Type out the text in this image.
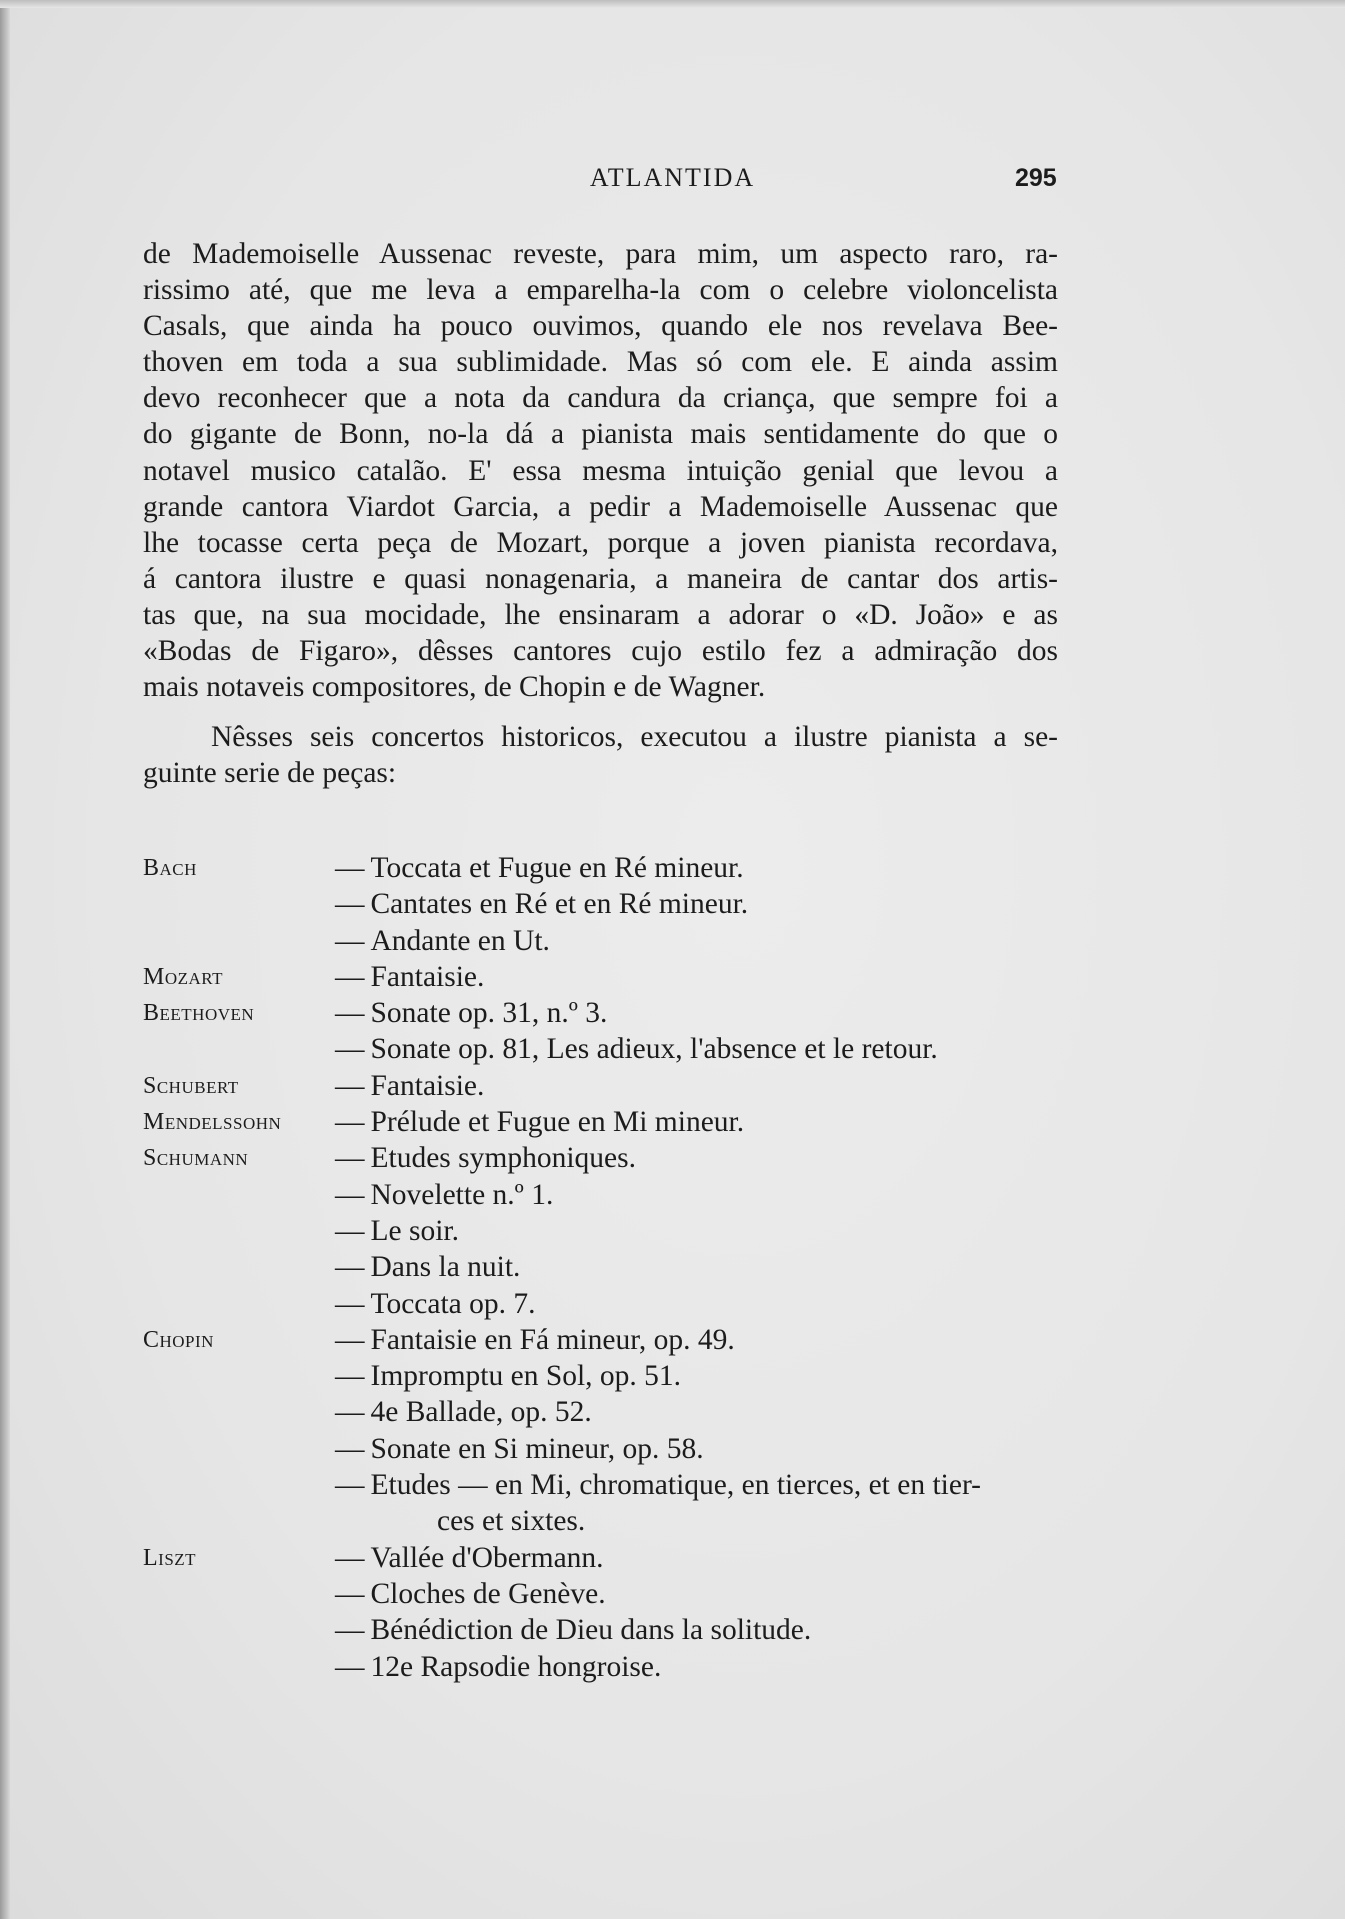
ATLANTIDA	295

de Mademoiselle Aussenac reveste, para mim, um aspecto raro, ra-
rissimo até, que me leva a emparelha-la com o celebre violoncelista
Casals, que ainda ha pouco ouvimos, quando ele nos revelava Bee-
thoven em toda a sua sublimidade. Mas só com ele. E ainda assim
devo reconhecer que a nota da candura da criança, que sempre foi a
do gigante de Bonn, no-la dá a pianista mais sentidamente do que o
notavel musico catalão. E' essa mesma intuição genial que levou a
grande cantora Viardot Garcia, a pedir a Mademoiselle Aussenac que
lhe tocasse certa peça de Mozart, porque a joven pianista recordava,
á cantora ilustre e quasi nonagenaria, a maneira de cantar dos artis-
tas que, na sua mocidade, lhe ensinaram a adorar o «D. João» e as
«Bodas de Figaro», dêsses cantores cujo estilo fez a admiração dos
mais notaveis compositores, de Chopin e de Wagner.

Nêsses seis concertos historicos, executou a ilustre pianista a se-
guinte serie de peças:

Bach	— Toccata et Fugue en Ré mineur.
— Cantates en Ré et en Ré mineur.
— Andante en Ut.
Mozart	— Fantaisie.
Beethoven	— Sonate op. 31, n.º 3.
— Sonate op. 81, Les adieux, l'absence et le retour.
Schubert	— Fantaisie.
Mendelssohn — Prélude et Fugue en Mi mineur.
Schumann	— Etudes symphoniques.
— Novelette n.º 1.
— Le soir.
— Dans la nuit.
— Toccata op. 7.
Chopin	— Fantaisie en Fá mineur, op. 49.
— Impromptu en Sol, op. 51.
— 4e Ballade, op. 52.
— Sonate en Si mineur, op. 58.
— Etudes — en Mi, chromatique, en tierces, et en tier-
ces et sixtes.
Liszt	— Vallée d'Obermann.
— Cloches de Genève.
— Bénédiction de Dieu dans la solitude.
— 12e Rapsodie hongroise.
